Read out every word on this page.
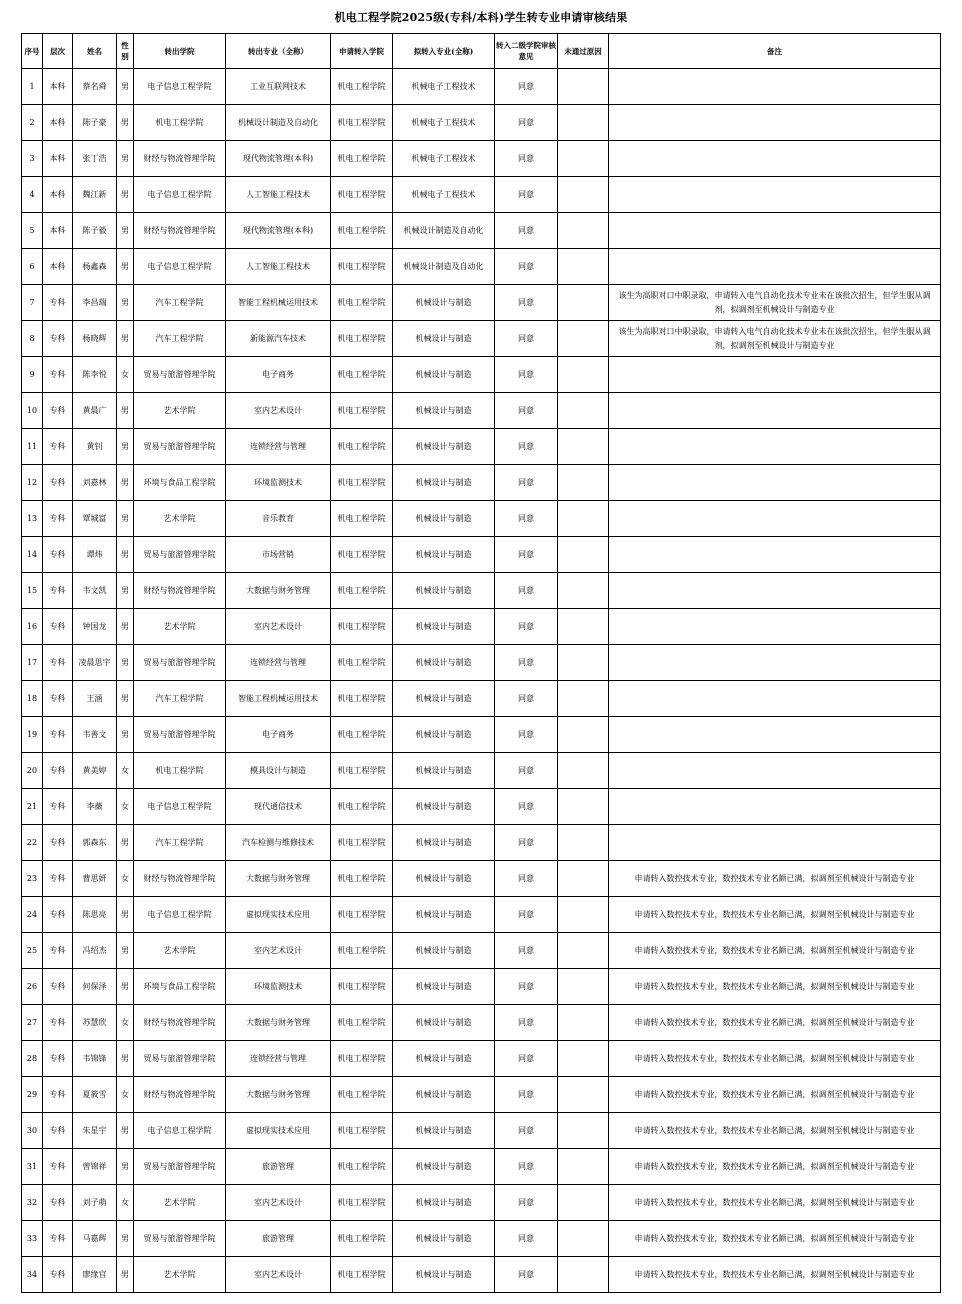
机电工程学院2025级(专科/本科)学生转专业申请审核结果
序号	层次	姓名	性别	转出学院	转出专业（全称）	申请转入学院	拟转入专业(全称)	转入二级学院审核意见	未通过原因	备注
1	本科	蔡名舜	男	电子信息工程学院	工业互联网技术	机电工程学院	机械电子工程技术	同意		
2	本科	陈子豪	男	机电工程学院	机械设计制造及自动化	机电工程学院	机械电子工程技术	同意		
3	本科	张丁浩	男	财经与物流管理学院	现代物流管理(本科)	机电工程学院	机械电子工程技术	同意		
4	本科	魏江新	男	电子信息工程学院	人工智能工程技术	机电工程学院	机械电子工程技术	同意		
5	本科	陈子毅	男	财经与物流管理学院	现代物流管理(本科)	机电工程学院	机械设计制造及自动化	同意		
6	本科	杨鑫森	男	电子信息工程学院	人工智能工程技术	机电工程学院	机械设计制造及自动化	同意		
7	专科	李昌瑞	男	汽车工程学院	智能工程机械运用技术	机电工程学院	机械设计与制造	同意		该生为高职对口中职录取，申请转入电气自动化技术专业未在该批次招生，但学生服从调剂，拟调剂至机械设计与制造专业
8	专科	杨晓辉	男	汽车工程学院	新能源汽车技术	机电工程学院	机械设计与制造	同意		该生为高职对口中职录取，申请转入电气自动化技术专业未在该批次招生，但学生服从调剂，拟调剂至机械设计与制造专业
9	专科	陈李悦	女	贸易与旅游管理学院	电子商务	机电工程学院	机械设计与制造	同意		
10	专科	黄晨广	男	艺术学院	室内艺术设计	机电工程学院	机械设计与制造	同意		
11	专科	黄钊	男	贸易与旅游管理学院	连锁经营与管理	机电工程学院	机械设计与制造	同意		
12	专科	刘嘉林	男	环境与食品工程学院	环境监测技术	机电工程学院	机械设计与制造	同意		
13	专科	覃城富	男	艺术学院	音乐教育	机电工程学院	机械设计与制造	同意		
14	专科	谭炜	男	贸易与旅游管理学院	市场营销	机电工程学院	机械设计与制造	同意		
15	专科	韦文凯	男	财经与物流管理学院	大数据与财务管理	机电工程学院	机械设计与制造	同意		
16	专科	钟国龙	男	艺术学院	室内艺术设计	机电工程学院	机械设计与制造	同意		
17	专科	凌晨思宇	男	贸易与旅游管理学院	连锁经营与管理	机电工程学院	机械设计与制造	同意		
18	专科	王涵	男	汽车工程学院	智能工程机械运用技术	机电工程学院	机械设计与制造	同意		
19	专科	韦善文	男	贸易与旅游管理学院	电子商务	机电工程学院	机械设计与制造	同意		
20	专科	黄美婷	女	机电工程学院	模具设计与制造	机电工程学院	机械设计与制造	同意		
21	专科	李薇	女	电子信息工程学院	现代通信技术	机电工程学院	机械设计与制造	同意		
22	专科	郭森东	男	汽车工程学院	汽车检测与维修技术	机电工程学院	机械设计与制造	同意		
23	专科	曹思妍	女	财经与物流管理学院	大数据与财务管理	机电工程学院	机械设计与制造	同意		申请转入数控技术专业，数控技术专业名额已满，拟调剂至机械设计与制造专业
24	专科	陈思亮	男	电子信息工程学院	虚拟现实技术应用	机电工程学院	机械设计与制造	同意		申请转入数控技术专业，数控技术专业名额已满，拟调剂至机械设计与制造专业
25	专科	冯绍杰	男	艺术学院	室内艺术设计	机电工程学院	机械设计与制造	同意		申请转入数控技术专业，数控技术专业名额已满，拟调剂至机械设计与制造专业
26	专科	何保泽	男	环境与食品工程学院	环境监测技术	机电工程学院	机械设计与制造	同意		申请转入数控技术专业，数控技术专业名额已满，拟调剂至机械设计与制造专业
27	专科	苏慧欣	女	财经与物流管理学院	大数据与财务管理	机电工程学院	机械设计与制造	同意		申请转入数控技术专业，数控技术专业名额已满，拟调剂至机械设计与制造专业
28	专科	韦锦锋	男	贸易与旅游管理学院	连锁经营与管理	机电工程学院	机械设计与制造	同意		申请转入数控技术专业，数控技术专业名额已满，拟调剂至机械设计与制造专业
29	专科	夏筱雪	女	财经与物流管理学院	大数据与财务管理	机电工程学院	机械设计与制造	同意		申请转入数控技术专业，数控技术专业名额已满，拟调剂至机械设计与制造专业
30	专科	朱星宇	男	电子信息工程学院	虚拟现实技术应用	机电工程学院	机械设计与制造	同意		申请转入数控技术专业，数控技术专业名额已满，拟调剂至机械设计与制造专业
31	专科	曾锦祥	男	贸易与旅游管理学院	旅游管理	机电工程学院	机械设计与制造	同意		申请转入数控技术专业，数控技术专业名额已满，拟调剂至机械设计与制造专业
32	专科	刘子萌	女	艺术学院	室内艺术设计	机电工程学院	机械设计与制造	同意		申请转入数控技术专业，数控技术专业名额已满，拟调剂至机械设计与制造专业
33	专科	马嘉辉	男	贸易与旅游管理学院	旅游管理	机电工程学院	机械设计与制造	同意		申请转入数控技术专业，数控技术专业名额已满，拟调剂至机械设计与制造专业
34	专科	廖缘官	男	艺术学院	室内艺术设计	机电工程学院	机械设计与制造	同意		申请转入数控技术专业，数控技术专业名额已满，拟调剂至机械设计与制造专业
